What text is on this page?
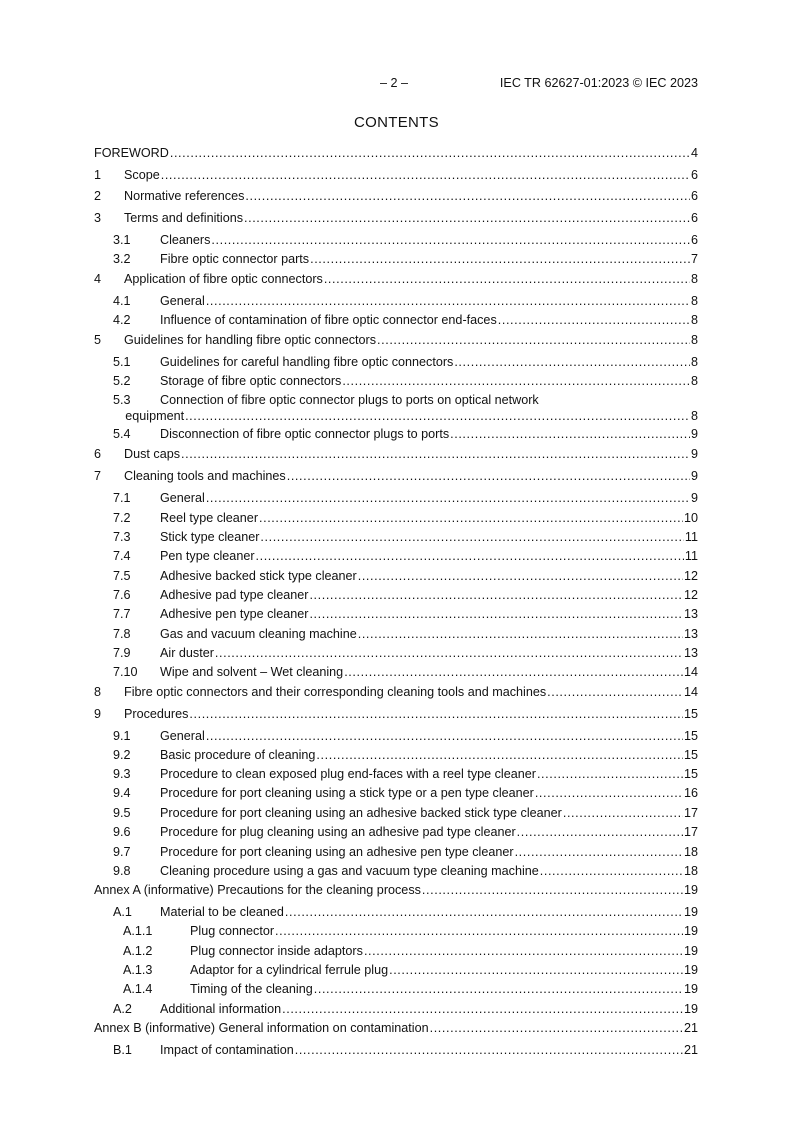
– 2 –	IEC TR 62627-01:2023 © IEC 2023
CONTENTS
FOREWORD .....	4
1	Scope .....	6
2	Normative references .....	6
3	Terms and definitions .....	6
3.1	Cleaners .....	6
3.2	Fibre optic connector parts .....	7
4	Application of fibre optic connectors .....	8
4.1	General .....	8
4.2	Influence of contamination of fibre optic connector end-faces .....	8
5	Guidelines for handling fibre optic connectors .....	8
5.1	Guidelines for careful handling fibre optic connectors .....	8
5.2	Storage of fibre optic connectors .....	8
5.3	Connection of fibre optic connector plugs to ports on optical network
equipment .....	8
5.4	Disconnection of fibre optic connector plugs to ports .....	9
6	Dust caps .....	9
7	Cleaning tools and machines .....	9
7.1	General .....	9
7.2	Reel type cleaner .....	10
7.3	Stick type cleaner .....	11
7.4	Pen type cleaner .....	11
7.5	Adhesive backed stick type cleaner .....	12
7.6	Adhesive pad type cleaner .....	12
7.7	Adhesive pen type cleaner .....	13
7.8	Gas and vacuum cleaning machine .....	13
7.9	Air duster .....	13
7.10	Wipe and solvent – Wet cleaning .....	14
8	Fibre optic connectors and their corresponding cleaning tools and machines .....	14
9	Procedures .....	15
9.1	General .....	15
9.2	Basic procedure of cleaning .....	15
9.3	Procedure to clean exposed plug end-faces with a reel type cleaner .....	15
9.4	Procedure for port cleaning using a stick type or a pen type cleaner .....	16
9.5	Procedure for port cleaning using an adhesive backed stick type cleaner .....	17
9.6	Procedure for plug cleaning using an adhesive pad type cleaner .....	17
9.7	Procedure for port cleaning using an adhesive pen type cleaner .....	18
9.8	Cleaning procedure using a gas and vacuum type cleaning machine .....	18
Annex A (informative) Precautions for the cleaning process .....	19
A.1	Material to be cleaned .....	19
A.1.1	Plug connector .....	19
A.1.2	Plug connector inside adaptors .....	19
A.1.3	Adaptor for a cylindrical ferrule plug .....	19
A.1.4	Timing of the cleaning .....	19
A.2	Additional information .....	19
Annex B (informative) General information on contamination .....	21
B.1	Impact of contamination .....	21
